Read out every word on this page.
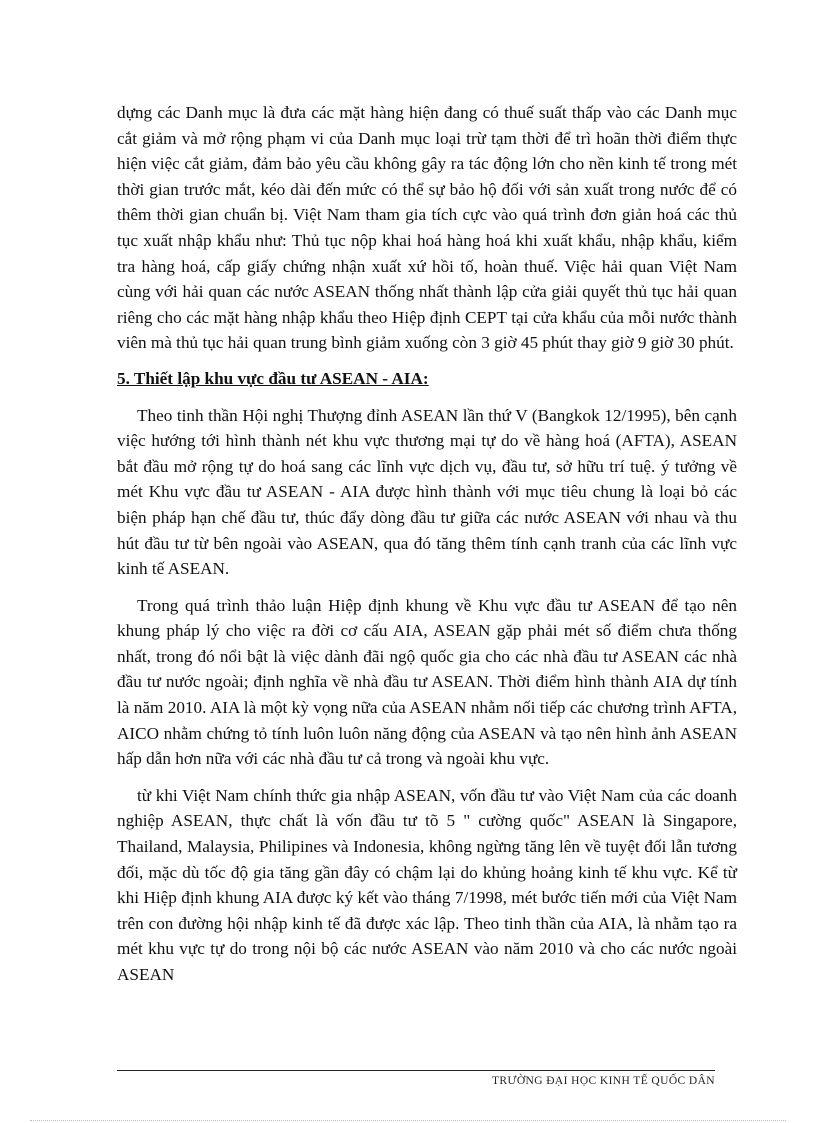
dựng các Danh mục là đưa các mặt hàng hiện đang có thuế suất thấp vào các Danh mục cắt giảm và mở rộng phạm vi của Danh mục loại trừ tạm thời để trì hoãn thời điểm thực hiện việc cắt giảm, đảm bảo yêu cầu không gây ra tác động lớn cho nền kinh tế trong mét thời gian trước mắt, kéo dài đến mức có thể sự bảo hộ đối với sản xuất trong nước để có thêm thời gian chuẩn bị. Việt Nam tham gia tích cực vào quá trình đơn giản hoá các thủ tục xuất nhập khẩu như: Thủ tục nộp khai hoá hàng hoá khi xuất khẩu, nhập khẩu, kiểm tra hàng hoá, cấp giấy chứng nhận xuất xứ hồi tố, hoàn thuế. Việc hải quan Việt Nam cùng với hải quan các nước ASEAN thống nhất thành lập cửa giải quyết thủ tục hải quan riêng cho các mặt hàng nhập khẩu theo Hiệp định CEPT tại cửa khẩu của mỗi nước thành viên mà thủ tục hải quan trung bình giảm xuống còn 3 giờ 45 phút thay giờ 9 giờ 30 phút.

5. Thiết lập khu vực đầu tư ASEAN - AIA:

Theo tinh thần Hội nghị Thượng đỉnh ASEAN lần thứ V (Bangkok 12/1995), bên cạnh việc hướng tới hình thành nét khu vực thương mại tự do về hàng hoá (AFTA), ASEAN bắt đầu mở rộng tự do hoá sang các lĩnh vực dịch vụ, đầu tư, sở hữu trí tuệ. ý tưởng về mét Khu vực đầu tư ASEAN - AIA được hình thành với mục tiêu chung là loại bỏ các biện pháp hạn chế đầu tư, thúc đẩy dòng đầu tư giữa các nước ASEAN với nhau và thu hút đầu tư từ bên ngoài vào ASEAN, qua đó tăng thêm tính cạnh tranh của các lĩnh vực kinh tế ASEAN.

Trong quá trình thảo luận Hiệp định khung về Khu vực đầu tư ASEAN để tạo nên khung pháp lý cho việc ra đời cơ cấu AIA, ASEAN gặp phải mét số điểm chưa thống nhất, trong đó nổi bật là việc dành đãi ngộ quốc gia cho các nhà đầu tư ASEAN các nhà đầu tư nước ngoài; định nghĩa về nhà đầu tư ASEAN. Thời điểm hình thành AIA dự tính là năm 2010. AIA là một kỳ vọng nữa của ASEAN nhằm nối tiếp các chương trình AFTA, AICO nhằm chứng tỏ tính luôn luôn năng động của ASEAN và tạo nên hình ảnh ASEAN hấp dẫn hơn nữa với các nhà đầu tư cả trong và ngoài khu vực.

từ khi Việt Nam chính thức gia nhập ASEAN, vốn đầu tư vào Việt Nam của các doanh nghiệp ASEAN, thực chất là vốn đầu tư tõ 5 " cường quốc" ASEAN là Singapore, Thailand, Malaysia, Philipines và Indonesia, không ngừng tăng lên về tuyệt đối lẫn tương đối, mặc dù tốc độ gia tăng gần đây có chậm lại do khủng hoảng kinh tế khu vực. Kể từ khi Hiệp định khung AIA được ký kết vào tháng 7/1998, mét bước tiến mới của Việt Nam trên con đường hội nhập kinh tế đã được xác lập. Theo tinh thần của AIA, là nhằm tạo ra mét khu vực tự do trong nội bộ các nước ASEAN vào năm 2010 và cho các nước ngoài ASEAN

TRƯỜNG ĐẠI HỌC KINH TẾ QUỐC DÂN
